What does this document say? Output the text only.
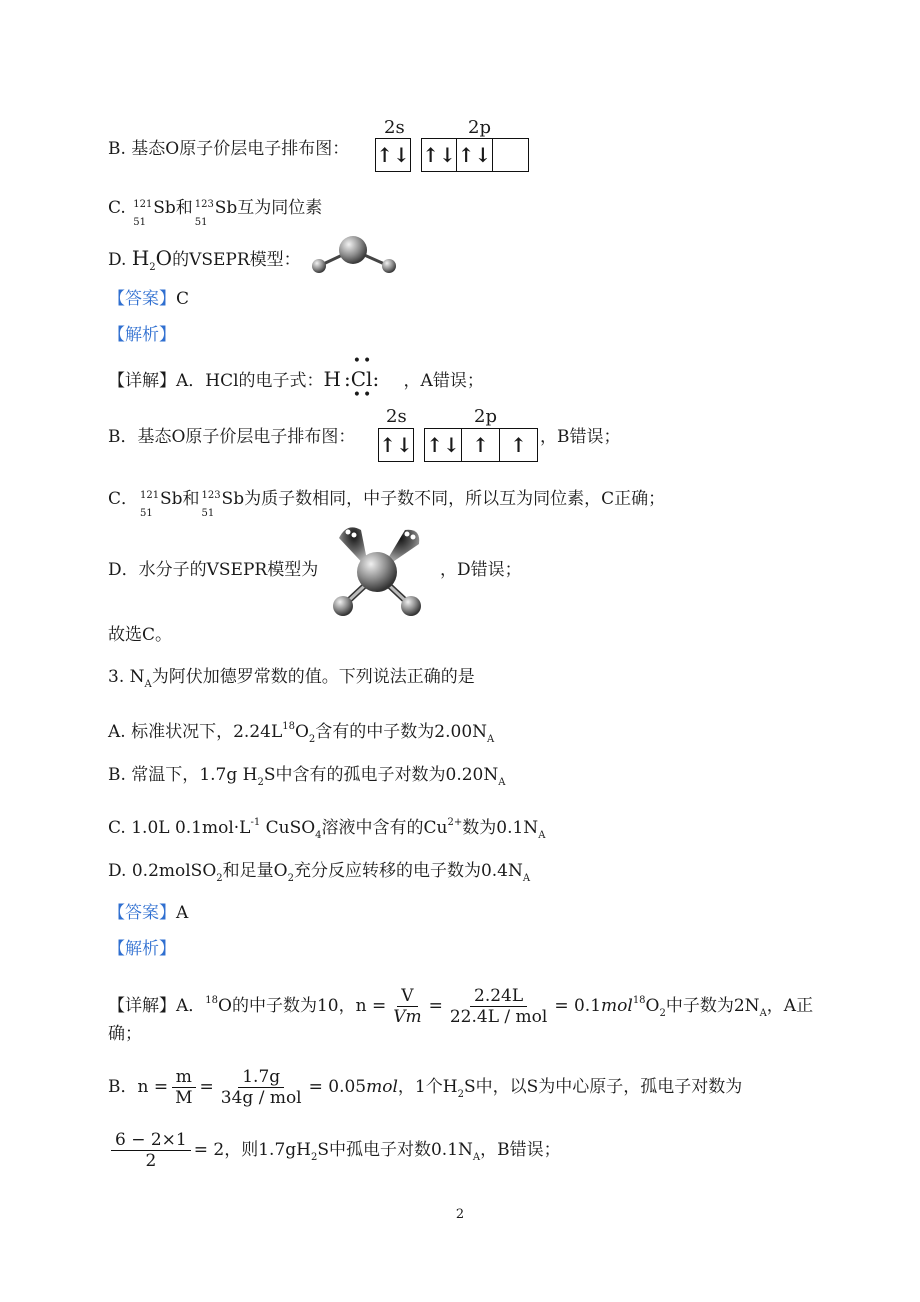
B. 基态O原子价层电子排布图：
2s	2p
↑↓ ↑↓ ↑↓
C. 121
51
Sb和 123
51
Sb互为同位素
D. $H_2O$的VSEPR模型：
【答案】C
【解析】
【详解】A．HCl的电子式：H :
••
Cl
••
: ，A错误；
B．基态O原子价层电子排布图：
2s	2p
↑↓ ↑↓ ↑	↑ ，B错误；
C． 121
51
Sb和 123
51
Sb为质子数相同，中子数不同，所以互为同位素，C正确；
D．水分子的VSEPR模型为	，D错误；
故选C。
3. $N_A$为阿伏加德罗常数的值。下列说法正确的是
A. 标准状况下，$2.24L^{18}O_2$含有的中子数为$2.00N_A$
B. 常温下，1.7g $H_2S$中含有的孤电子对数为$0.20N_A$
C. 1.0L $0.1mol\cdot L^{-1}$ CuSO$_4$溶液中含有的$Cu^{2+}$数为$0.1N_A$
D. 0.2molSO$_2$和足量$O_2$充分反应转移的电子数为$0.4N_A$
【答案】A
【解析】
【详解】A．$^{18}$O的中子数为10，$n = \frac{V}{Vm} = \frac{2.24L}{\text{22.4L / mol}} = 0.1mol^{18}O_2$中子数为$2N_A$，A正
确；
B．$n = \frac{m}{M} = \frac{1.7g}{\text{34g / mol}} = 0.05mol$，1个$H_2S$中，以S为中心原子，孤电子对数为
$\frac{6 - 2\times 1}{2} = 2$，则$1.7gH_2S$中孤电子对数$0.1N_A$，B错误；
2
